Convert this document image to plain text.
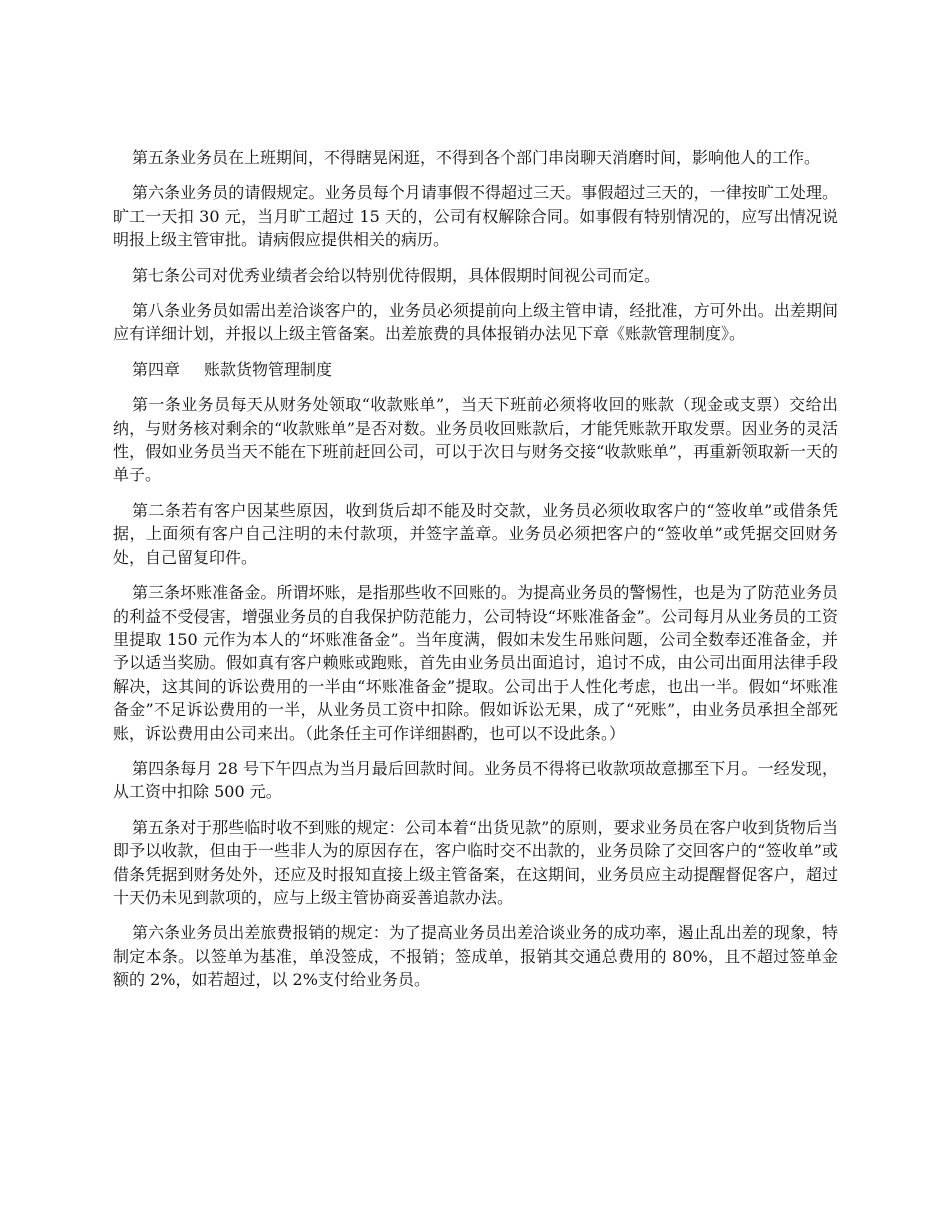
第五条业务员在上班期间，不得瞎晃闲逛，不得到各个部门串岗聊天消磨时间，影响他人的工作。

第六条业务员的请假规定。业务员每个月请事假不得超过三天。事假超过三天的，一律按旷工处理。旷工一天扣 30 元，当月旷工超过 15 天的，公司有权解除合同。如事假有特别情况的，应写出情况说明报上级主管审批。请病假应提供相关的病历。

第七条公司对优秀业绩者会给以特别优待假期，具体假期时间视公司而定。

第八条业务员如需出差洽谈客户的，业务员必须提前向上级主管申请，经批准，方可外出。出差期间应有详细计划，并报以上级主管备案。出差旅费的具体报销办法见下章《账款管理制度》。

第四章 账款货物管理制度

第一条业务员每天从财务处领取“收款账单”，当天下班前必须将收回的账款（现金或支票）交给出纳，与财务核对剩余的“收款账单”是否对数。业务员收回账款后，才能凭账款开取发票。因业务的灵活性，假如业务员当天不能在下班前赶回公司，可以于次日与财务交接“收款账单”，再重新领取新一天的单子。

第二条若有客户因某些原因，收到货后却不能及时交款，业务员必须收取客户的“签收单”或借条凭据，上面须有客户自己注明的未付款项，并签字盖章。业务员必须把客户的“签收单”或凭据交回财务处，自己留复印件。

第三条坏账准备金。所谓坏账，是指那些收不回账的。为提高业务员的警惕性，也是为了防范业务员的利益不受侵害，增强业务员的自我保护防范能力，公司特设“坏账准备金”。公司每月从业务员的工资里提取 150 元作为本人的“坏账准备金”。当年度满，假如未发生吊账问题，公司全数奉还准备金，并予以适当奖励。假如真有客户赖账或跑账，首先由业务员出面追讨，追讨不成，由公司出面用法律手段解决，这其间的诉讼费用的一半由“坏账准备金”提取。公司出于人性化考虑，也出一半。假如“坏账准备金”不足诉讼费用的一半，从业务员工资中扣除。假如诉讼无果，成了“死账”，由业务员承担全部死账，诉讼费用由公司来出。（此条任主可作详细斟酌，也可以不设此条。）

第四条每月 28 号下午四点为当月最后回款时间。业务员不得将已收款项故意挪至下月。一经发现，从工资中扣除 500 元。

第五条对于那些临时收不到账的规定：公司本着“出货见款”的原则，要求业务员在客户收到货物后当即予以收款，但由于一些非人为的原因存在，客户临时交不出款的，业务员除了交回客户的“签收单”或借条凭据到财务处外，还应及时报知直接上级主管备案，在这期间，业务员应主动提醒督促客户，超过十天仍未见到款项的，应与上级主管协商妥善追款办法。

第六条业务员出差旅费报销的规定：为了提高业务员出差洽谈业务的成功率，遏止乱出差的现象，特制定本条。以签单为基准，单没签成，不报销；签成单，报销其交通总费用的 80%，且不超过签单金额的 2%，如若超过，以 2%支付给业务员。
